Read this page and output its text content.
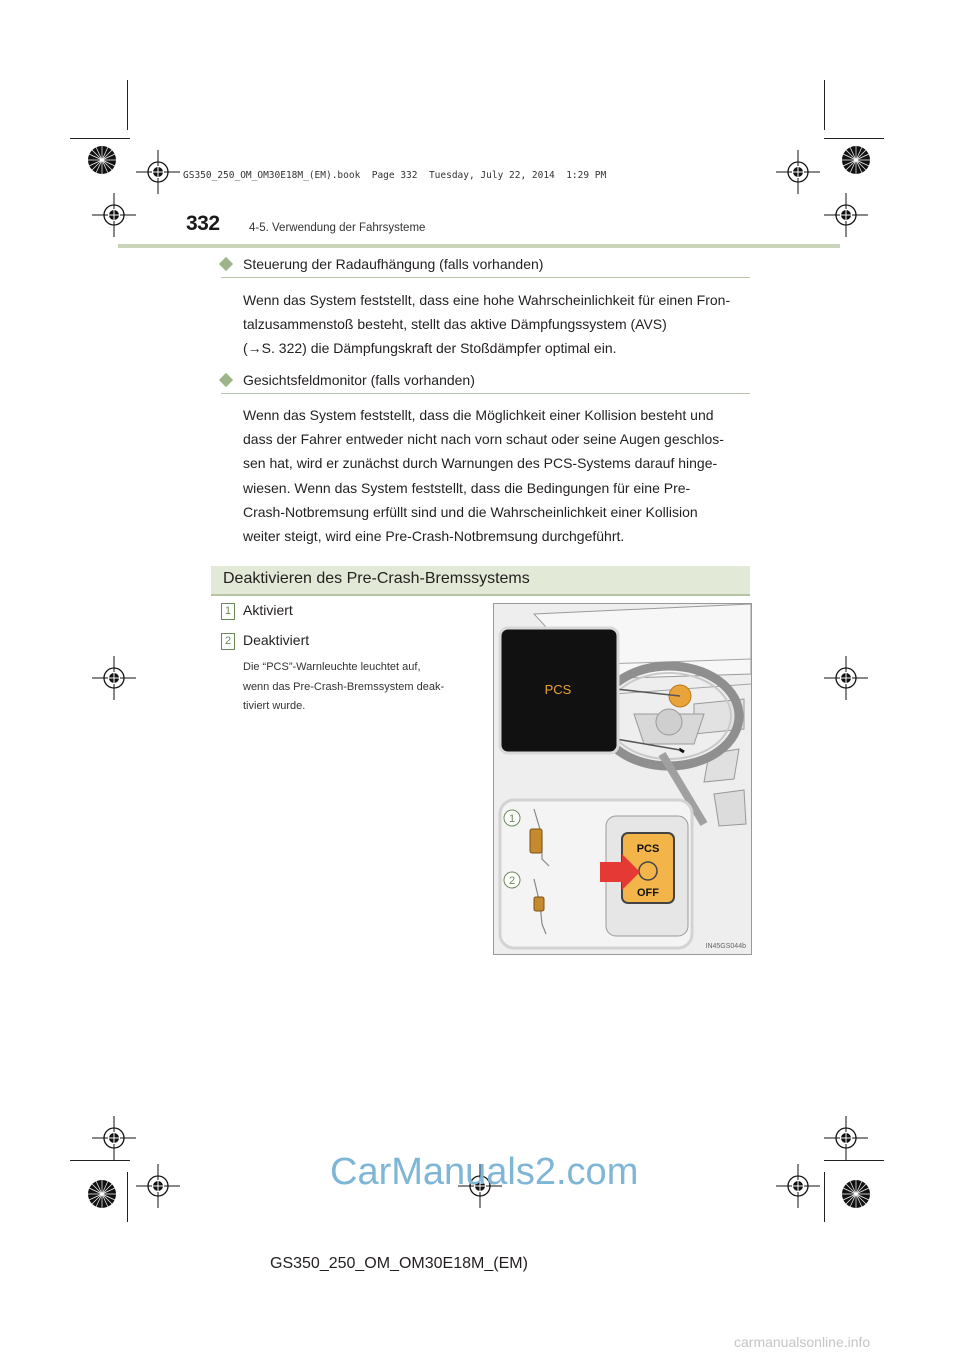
GS350_250_OM_OM30E18M_(EM).book  Page 332  Tuesday, July 22, 2014  1:29 PM
332	4-5. Verwendung der Fahrsysteme
Steuerung der Radaufhängung (falls vorhanden)

Wenn das System feststellt, dass eine hohe Wahrscheinlichkeit für einen Fron-

talzusammenstoß besteht, stellt das aktive Dämpfungssystem (AVS)

(→S. 322) die Dämpfungskraft der Stoßdämpfer optimal ein.

Gesichtsfeldmonitor (falls vorhanden)

Wenn das System feststellt, dass die Möglichkeit einer Kollision besteht und

dass der Fahrer entweder nicht nach vorn schaut oder seine Augen geschlos-

sen hat, wird er zunächst durch Warnungen des PCS-Systems darauf hinge-

wiesen. Wenn das System feststellt, dass die Bedingungen für eine Pre-

Crash-Notbremsung erfüllt sind und die Wahrscheinlichkeit einer Kollision

weiter steigt, wird eine Pre-Crash-Notbremsung durchgeführt.

Deaktivieren des Pre-Crash-Bremssystems
1 Aktiviert
2 Deaktiviert

Die “PCS”-Warnleuchte leuchtet auf,

wenn das Pre-Crash-Bremssystem deak-

tiviert wurde.

PCS
1
2
PCS
OFF
IN45GS044b
CarManuals2.com
GS350_250_OM_OM30E18M_(EM)
carmanualsonline.info
